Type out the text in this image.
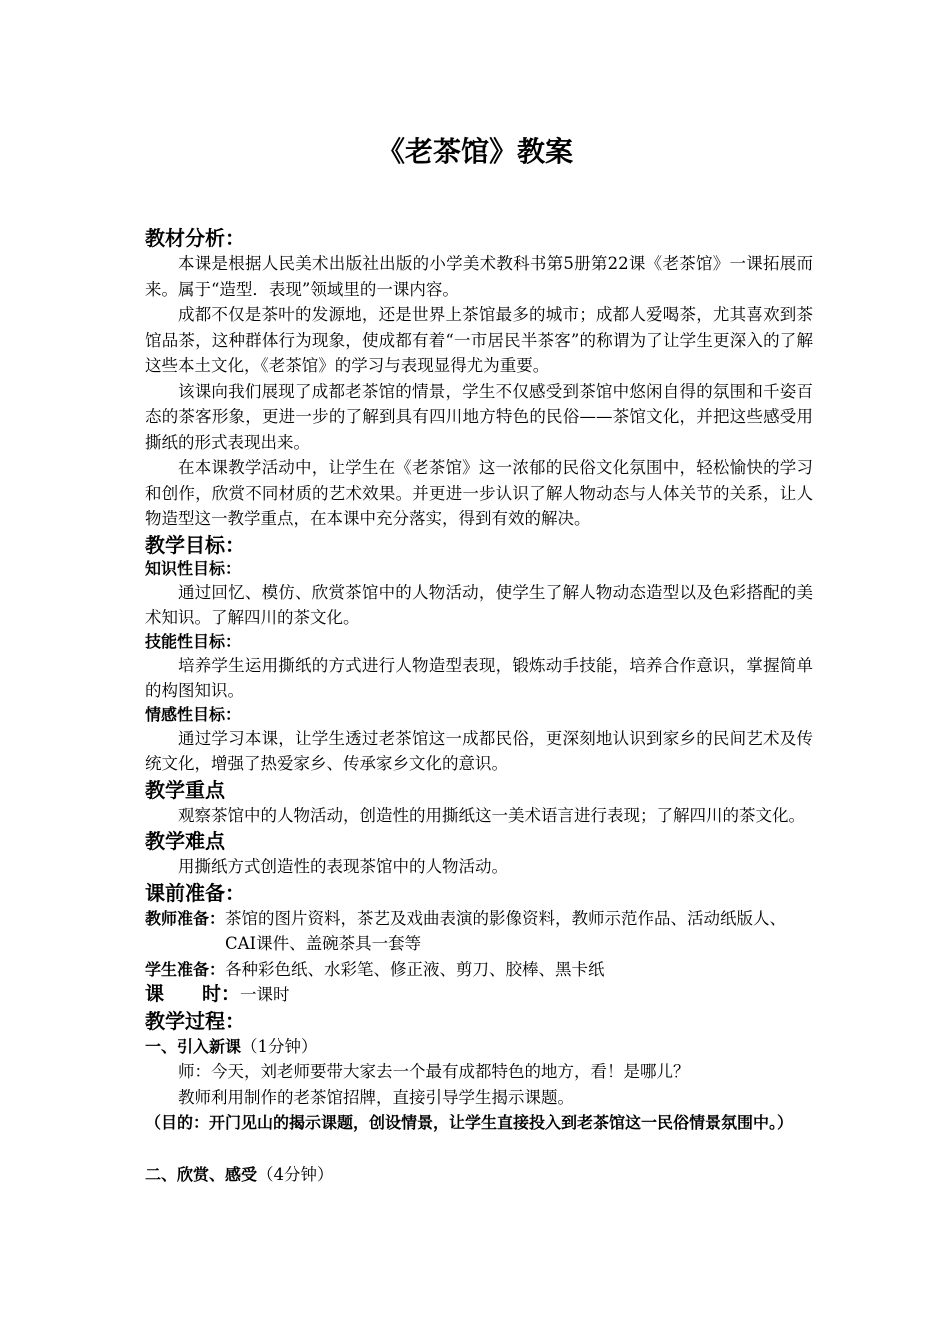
《老茶馆》教案

教材分析：

本课是根据人民美术出版社出版的小学美术教科书第5册第22课《老茶馆》一课拓展而来。属于“造型．表现”领域里的一课内容。

成都不仅是茶叶的发源地，还是世界上茶馆最多的城市；成都人爱喝茶，尤其喜欢到茶馆品茶，这种群体行为现象，使成都有着“一市居民半茶客”的称谓为了让学生更深入的了解这些本土文化，《老茶馆》的学习与表现显得尤为重要。

该课向我们展现了成都老茶馆的情景，学生不仅感受到茶馆中悠闲自得的氛围和千姿百态的茶客形象，更进一步的了解到具有四川地方特色的民俗——茶馆文化，并把这些感受用撕纸的形式表现出来。

在本课教学活动中，让学生在《老茶馆》这一浓郁的民俗文化氛围中，轻松愉快的学习和创作，欣赏不同材质的艺术效果。并更进一步认识了解人物动态与人体关节的关系，让人物造型这一教学重点，在本课中充分落实，得到有效的解决。

教学目标：

知识性目标：

通过回忆、模仿、欣赏茶馆中的人物活动，使学生了解人物动态造型以及色彩搭配的美术知识。了解四川的茶文化。

技能性目标：

培养学生运用撕纸的方式进行人物造型表现，锻炼动手技能，培养合作意识，掌握简单的构图知识。

情感性目标：

通过学习本课，让学生透过老茶馆这一成都民俗，更深刻地认识到家乡的民间艺术及传统文化，增强了热爱家乡、传承家乡文化的意识。

教学重点

观察茶馆中的人物活动，创造性的用撕纸这一美术语言进行表现；了解四川的茶文化。

教学难点

用撕纸方式创造性的表现茶馆中的人物活动。

课前准备：

教师准备： 茶馆的图片资料，茶艺及戏曲表演的影像资料，教师示范作品、活动纸版人、CAI课件、盖碗茶具一套等
学生准备： 各种彩色纸、水彩笔、修正液、剪刀、胶棒、黑卡纸
课　　时： 一课时

教学过程：

一、引入新课 （1分钟）

师：今天，刘老师要带大家去一个最有成都特色的地方，看！是哪儿？

教师利用制作的老茶馆招牌，直接引导学生揭示课题。

（目的：开门见山的揭示课题，创设情景，让学生直接投入到老茶馆这一民俗情景氛围中。）

二、欣赏、感受 （4分钟）
